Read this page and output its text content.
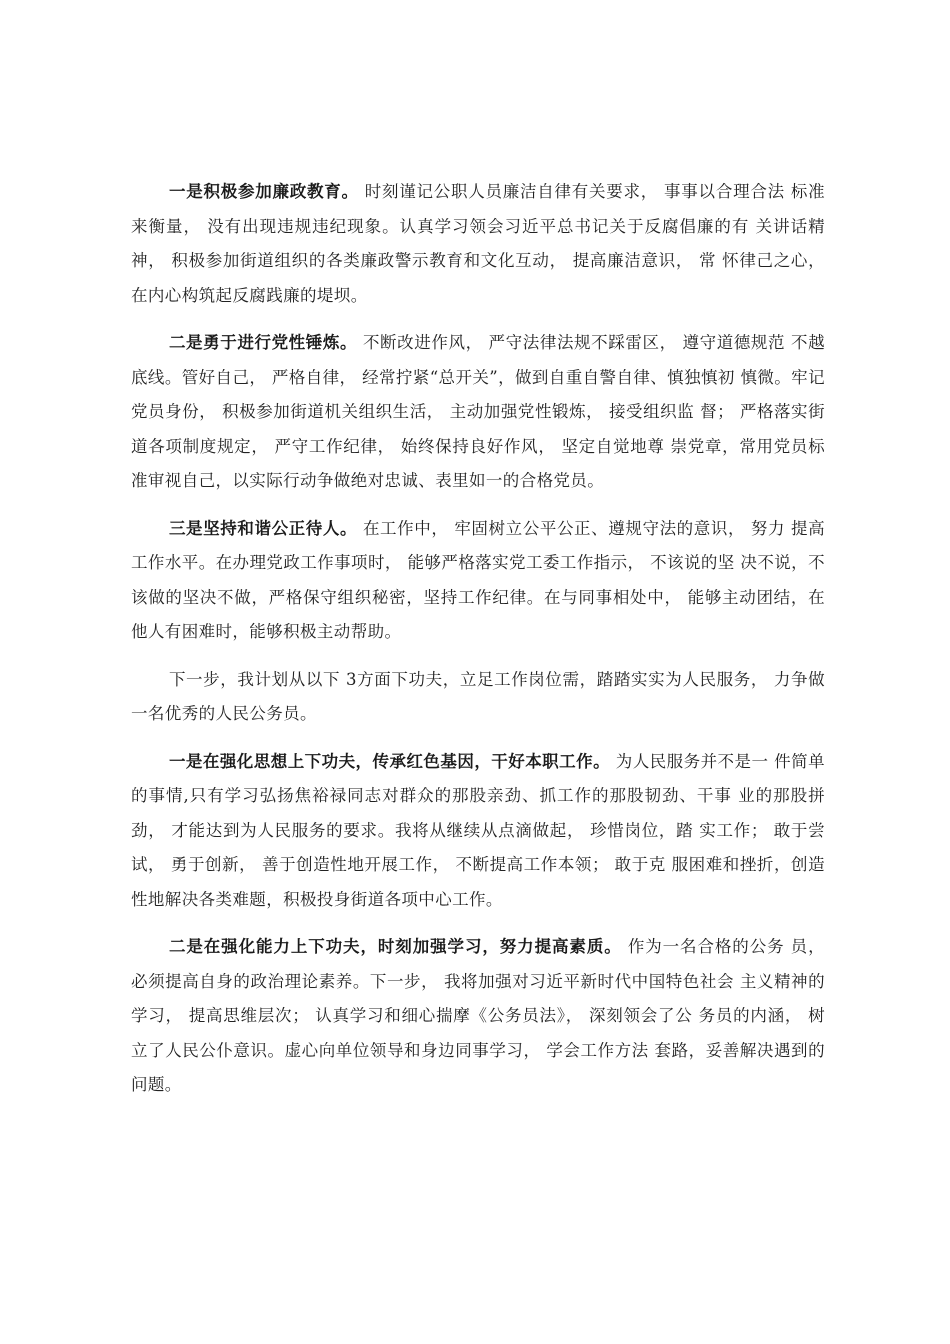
一是积极参加廉政教育。 时刻谨记公职人员廉洁自律有关要求， 事事以合理合法 标准来衡量， 没有出现违规违纪现象。认真学习领会习近平总书记关于反腐倡廉的有 关讲话精神， 积极参加街道组织的各类廉政警示教育和文化互动， 提高廉洁意识， 常 怀律己之心，在内心构筑起反腐践廉的堤坝。

二是勇于进行党性锤炼。 不断改进作风， 严守法律法规不踩雷区， 遵守道德规范 不越底线。管好自己， 严格自律， 经常拧紧“总开关”，做到自重自警自律、慎独慎初 慎微。牢记党员身份， 积极参加街道机关组织生活， 主动加强党性锻炼， 接受组织监 督； 严格落实街道各项制度规定， 严守工作纪律， 始终保持良好作风， 坚定自觉地尊 崇党章，常用党员标准审视自己，以实际行动争做绝对忠诚、表里如一的合格党员。

三是坚持和谐公正待人。 在工作中， 牢固树立公平公正、遵规守法的意识， 努力 提高工作水平。在办理党政工作事项时， 能够严格落实党工委工作指示， 不该说的坚 决不说，不该做的坚决不做，严格保守组织秘密，坚持工作纪律。在与同事相处中， 能够主动团结，在他人有困难时，能够积极主动帮助。

下一步，我计划从以下 3方面下功夫，立足工作岗位需，踏踏实实为人民服务， 力争做一名优秀的人民公务员。

一是在强化思想上下功夫，传承红色基因，干好本职工作。 为人民服务并不是一 件简单的事情,只有学习弘扬焦裕禄同志对群众的那股亲劲、抓工作的那股韧劲、干事 业的那股拼劲， 才能达到为人民服务的要求。我将从继续从点滴做起， 珍惜岗位，踏 实工作； 敢于尝试， 勇于创新， 善于创造性地开展工作， 不断提高工作本领； 敢于克 服困难和挫折，创造性地解决各类难题，积极投身街道各项中心工作。

二是在强化能力上下功夫，时刻加强学习，努力提高素质。 作为一名合格的公务 员， 必须提高自身的政治理论素养。下一步， 我将加强对习近平新时代中国特色社会 主义精神的学习， 提高思维层次； 认真学习和细心揣摩《公务员法》， 深刻领会了公 务员的内涵， 树立了人民公仆意识。虚心向单位领导和身边同事学习， 学会工作方法 套路，妥善解决遇到的问题。
